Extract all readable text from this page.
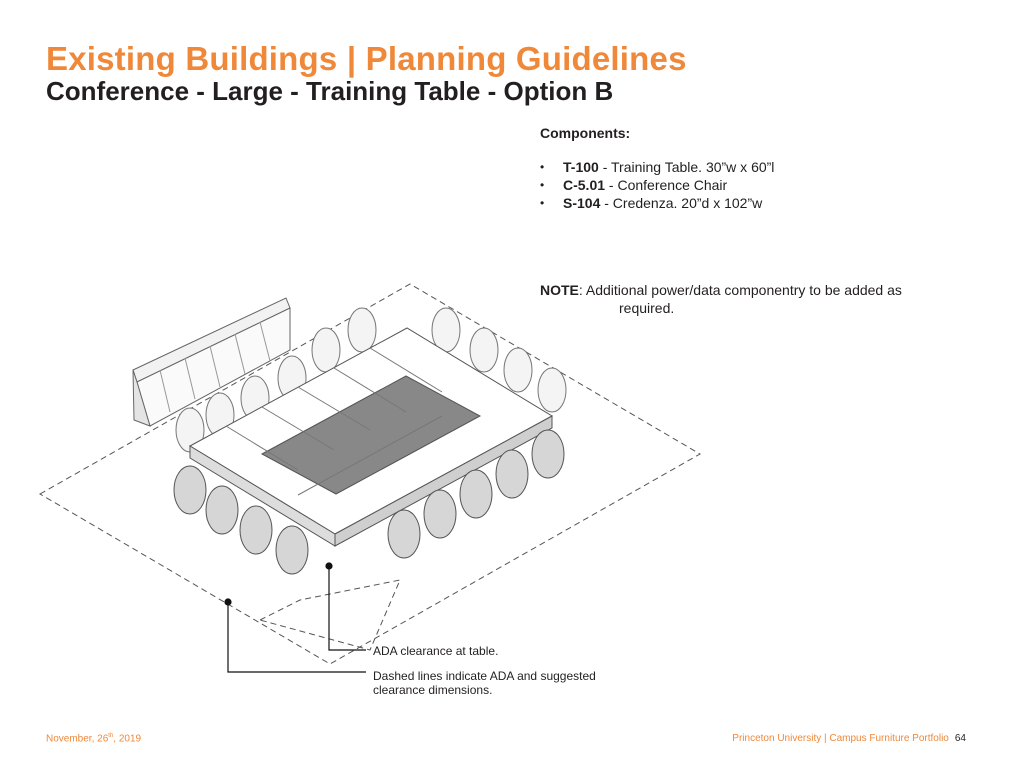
Existing Buildings | Planning Guidelines
Conference - Large - Training Table - Option B
Components:
• T-100 - Training Table. 30”w x 60”l
• C-5.01 - Conference Chair
• S-104 - Credenza. 20”d x 102”w
NOTE: Additional power/data componentry to be added as
required.
ADA clearance at table.
Dashed lines indicate ADA and suggested
clearance dimensions.
November, 26th, 2019	Princeton University | Campus Furniture Portfolio 64
